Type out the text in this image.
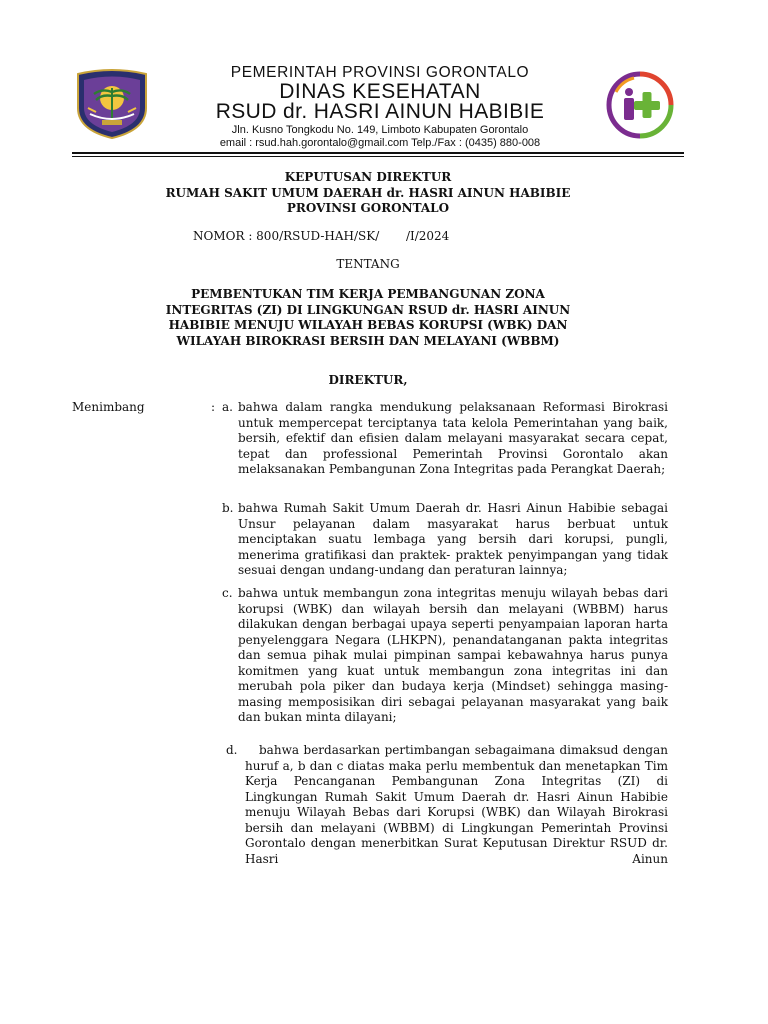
PEMERINTAH PROVINSI GORONTALO
DINAS KESEHATAN
RSUD dr. HASRI AINUN HABIBIE
Jln. Kusno Tongkodu No. 149, Limboto Kabupaten Gorontalo
email : rsud.hah.gorontalo@gmail.com Telp./Fax : (0435) 880-008
KEPUTUSAN DIREKTUR
RUMAH SAKIT UMUM DAERAH dr. HASRI AINUN HABIBIE
PROVINSI GORONTALO
NOMOR : 800/RSUD-HAH/SK/       /I/2024
TENTANG
PEMBENTUKAN TIM KERJA PEMBANGUNAN ZONA
INTEGRITAS (ZI) DI LINGKUNGAN RSUD dr. HASRI AINUN
HABIBIE MENUJU WILAYAH BEBAS KORUPSI (WBK) DAN
WILAYAH BIROKRASI BERSIH DAN MELAYANI (WBBM)
DIREKTUR,
Menimbang	: a. bahwa dalam rangka mendukung pelaksanaan Reformasi Birokrasi untuk mempercepat terciptanya tata kelola Pemerintahan yang baik, bersih, efektif dan efisien dalam melayani masyarakat secara cepat, tepat dan professional Pemerintah Provinsi Gorontalo akan melaksanakan Pembangunan Zona Integritas pada Perangkat Daerah;
b. bahwa Rumah Sakit Umum Daerah dr. Hasri Ainun Habibie sebagai Unsur pelayanan dalam masyarakat harus berbuat untuk menciptakan suatu lembaga yang bersih dari korupsi, pungli, menerima gratifikasi dan praktek- praktek penyimpangan yang tidak sesuai dengan undang-undang dan peraturan lainnya;
c. bahwa untuk membangun zona integritas menuju wilayah bebas dari korupsi (WBK) dan wilayah bersih dan melayani (WBBM) harus dilakukan dengan berbagai upaya seperti penyampaian laporan harta penyelenggara Negara (LHKPN), penandatanganan pakta integritas dan semua pihak mulai pimpinan sampai kebawahnya harus punya komitmen yang kuat untuk membangun zona integritas ini dan merubah pola piker dan budaya kerja (Mindset) sehingga masing-masing memposisikan diri sebagai pelayanan masyarakat yang baik dan bukan minta dilayani;
d.	bahwa berdasarkan pertimbangan sebagaimana dimaksud dengan huruf a, b dan c diatas maka perlu membentuk dan menetapkan Tim Kerja Pencanganan Pembangunan Zona Integritas (ZI) di Lingkungan Rumah Sakit Umum Daerah dr. Hasri Ainun Habibie menuju Wilayah Bebas dari Korupsi (WBK) dan Wilayah Birokrasi bersih dan melayani (WBBM) di Lingkungan Pemerintah Provinsi Gorontalo dengan menerbitkan Surat Keputusan Direktur RSUD dr. Hasri Ainun
